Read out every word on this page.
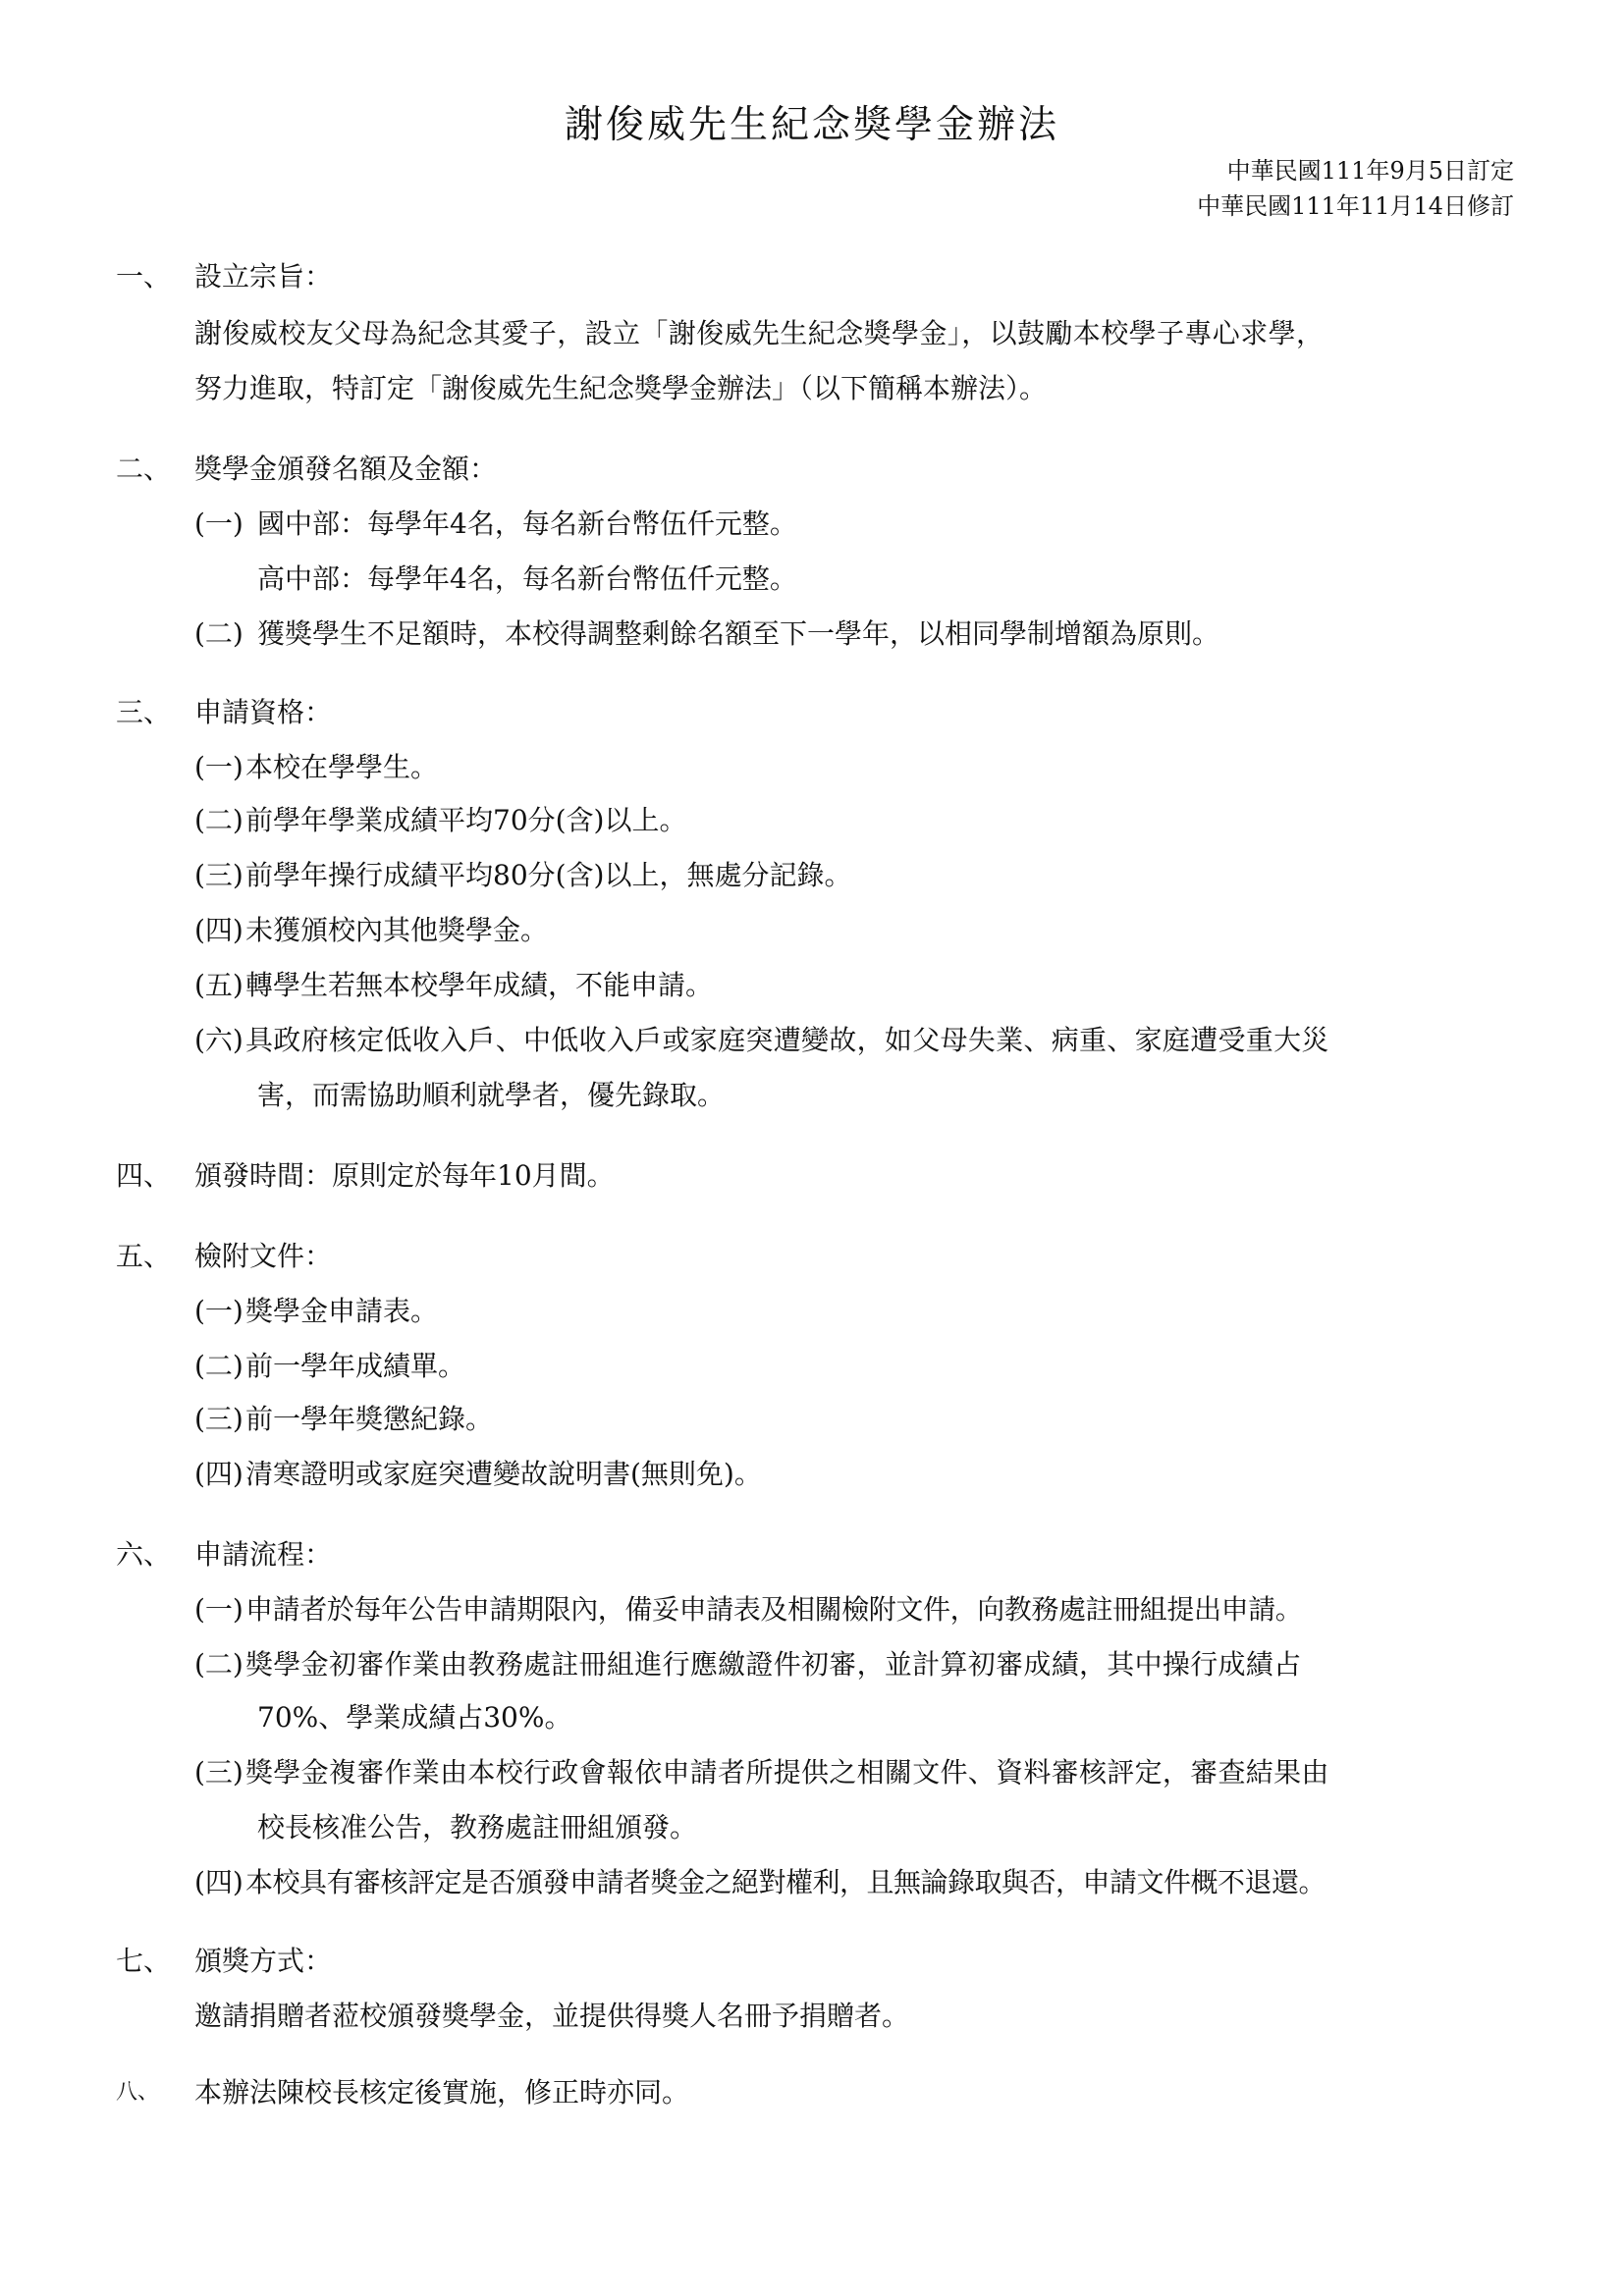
謝俊威先生紀念獎學金辦法
中華民國111年9月5日訂定
中華民國111年11月14日修訂
一、 設立宗旨：
謝俊威校友父母為紀念其愛子，設立「謝俊威先生紀念獎學金」，以鼓勵本校學子專心求學，
努力進取，特訂定「謝俊威先生紀念獎學金辦法」（以下簡稱本辦法）。
二、 獎學金頒發名額及金額：
(一) 國中部：每學年4名，每名新台幣伍仟元整。
高中部：每學年4名，每名新台幣伍仟元整。
(二) 獲獎學生不足額時，本校得調整剩餘名額至下一學年，以相同學制增額為原則。
三、 申請資格：
(一) 本校在學學生。
(二) 前學年學業成績平均70分(含)以上。
(三) 前學年操行成績平均80分(含)以上，無處分記錄。
(四) 未獲頒校內其他獎學金。
(五) 轉學生若無本校學年成績，不能申請。
(六) 具政府核定低收入戶、中低收入戶或家庭突遭變故，如父母失業、病重、家庭遭受重大災
害，而需協助順利就學者，優先錄取。
四、 頒發時間：原則定於每年10月間。
五、 檢附文件：
(一) 獎學金申請表。
(二) 前一學年成績單。
(三) 前一學年獎懲紀錄。
(四) 清寒證明或家庭突遭變故說明書(無則免)。
六、 申請流程：
(一) 申請者於每年公告申請期限內，備妥申請表及相關檢附文件，向教務處註冊組提出申請。
(二) 獎學金初審作業由教務處註冊組進行應繳證件初審，並計算初審成績，其中操行成績占
70%、學業成績占30%。
(三) 獎學金複審作業由本校行政會報依申請者所提供之相關文件、資料審核評定，審查結果由
校長核准公告，教務處註冊組頒發。
(四) 本校具有審核評定是否頒發申請者獎金之絕對權利，且無論錄取與否，申請文件概不退還。
七、 頒獎方式：
邀請捐贈者蒞校頒發獎學金，並提供得獎人名冊予捐贈者。
八、 本辦法陳校長核定後實施，修正時亦同。
